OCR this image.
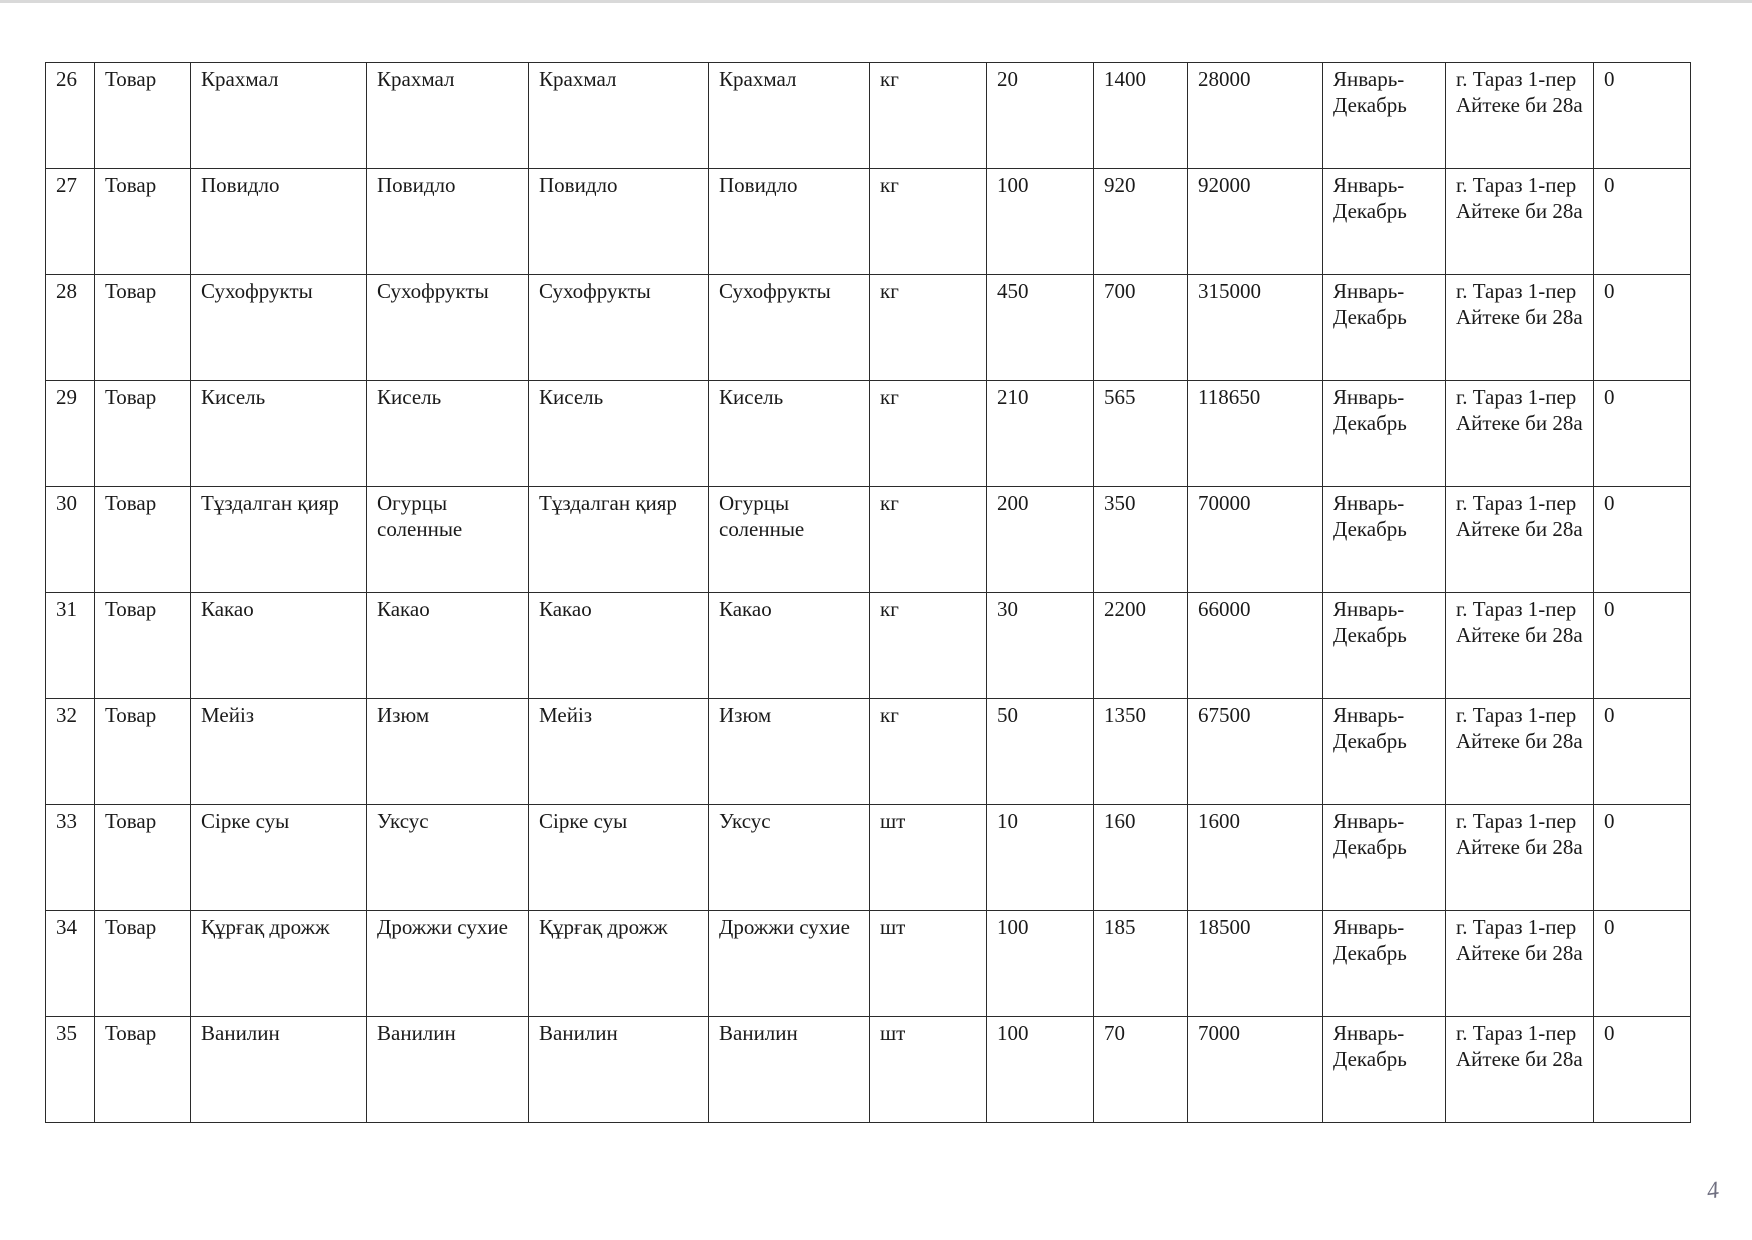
26	Товар	Крахмал	Крахмал	Крахмал	Крахмал	кг	20	1400	28000	Январь-Декабрь	г. Тараз 1-пер Айтеке би 28а	0
27	Товар	Повидло	Повидло	Повидло	Повидло	кг	100	920	92000	Январь-Декабрь	г. Тараз 1-пер Айтеке би 28а	0
28	Товар	Сухофрукты	Сухофрукты	Сухофрукты	Сухофрукты	кг	450	700	315000	Январь-Декабрь	г. Тараз 1-пер Айтеке би 28а	0
29	Товар	Кисель	Кисель	Кисель	Кисель	кг	210	565	118650	Январь-Декабрь	г. Тараз 1-пер Айтеке би 28а	0
30	Товар	Тұздалган қияр	Огурцы соленные	Тұздалган қияр	Огурцы соленные	кг	200	350	70000	Январь-Декабрь	г. Тараз 1-пер Айтеке би 28а	0
31	Товар	Какао	Какао	Какао	Какао	кг	30	2200	66000	Январь-Декабрь	г. Тараз 1-пер Айтеке би 28а	0
32	Товар	Мейіз	Изюм	Мейіз	Изюм	кг	50	1350	67500	Январь-Декабрь	г. Тараз 1-пер Айтеке би 28а	0
33	Товар	Сірке суы	Уксус	Сірке суы	Уксус	шт	10	160	1600	Январь-Декабрь	г. Тараз 1-пер Айтеке би 28а	0
34	Товар	Құрғақ дрожж	Дрожжи сухие	Құрғақ дрожж	Дрожжи сухие	шт	100	185	18500	Январь-Декабрь	г. Тараз 1-пер Айтеке би 28а	0
35	Товар	Ванилин	Ванилин	Ванилин	Ванилин	шт	100	70	7000	Январь-Декабрь	г. Тараз 1-пер Айтеке би 28а	0
4
